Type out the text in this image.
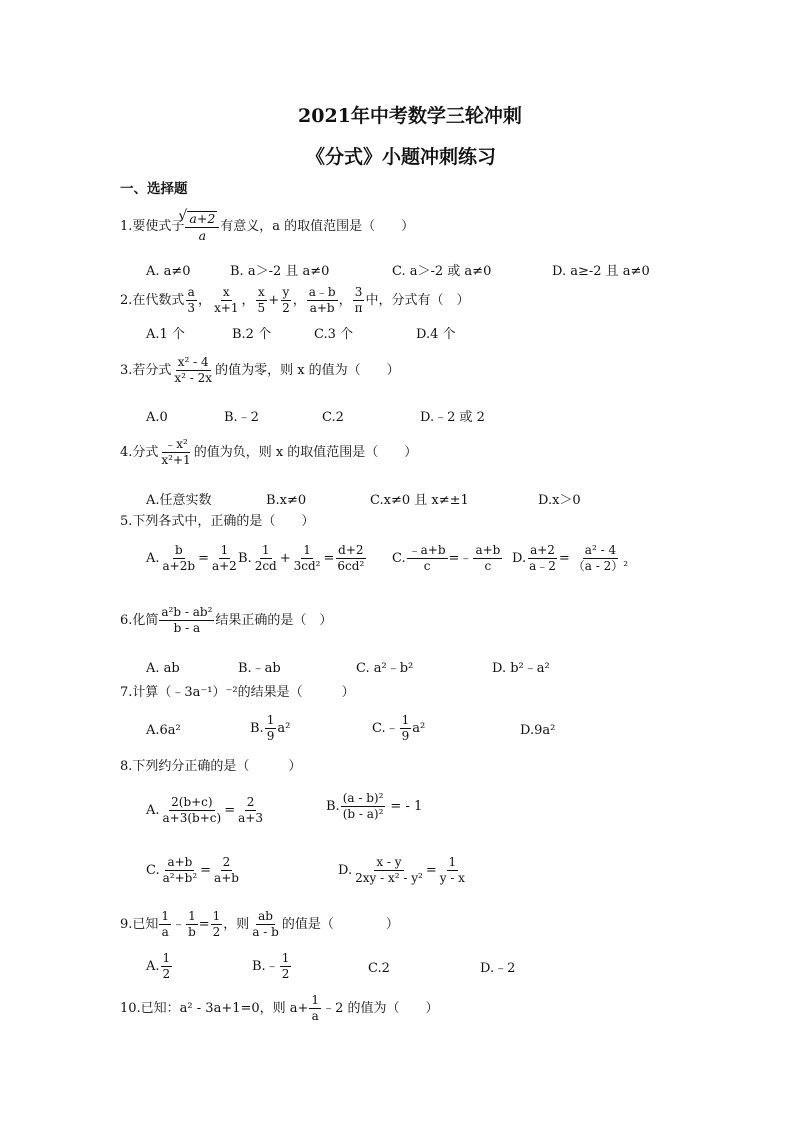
2021年中考数学三轮冲刺
《分式》小题冲刺练习
一、选择题
1.要使式子
√ $\frac{a+2}{a}$ 有意义，a 的取值范围是（　　）
A. a≠0	B. a＞-2 且 a≠0	C. a＞-2 或 a≠0	D. a≥-2 且 a≠0
2.在代数式 $\frac{a}{3}$ ， $\frac{x}{x+1}$ ， $\frac{x}{5} + \frac{y}{2}$ ， $\frac{a﹣b}{a+b}$ ， $\frac{3}{\pi}$ 中，分式有（　）
A.1 个	B.2 个	C.3 个	D.4 个
3.若分式 $\frac{\text{x² - 4}}{\text{x² - 2x}}$ 的值为零，则 x 的值为（　　）
A.0	B.﹣2	C.2	D.﹣2 或 2
4.分式 $\frac{\text{﹣x²}}{\text{x²+1}}$ 的值为负，则 x 的取值范围是（　　）
A.任意实数	B.x≠0	C.x≠0 且 x≠±1	D.x＞0
5.下列各式中，正确的是（　　）
A. $\frac{b}{a+2b} = \frac{1}{a+2} B$. $\frac{1}{2cd} + \frac{1}{\text{3cd²}} = \frac{d+2}{\text{6cd²}} C$. $\frac{﹣a+b}{c}$ =﹣ $\frac{a+b}{c} D$. $\frac{a+2}{a﹣2} = \frac{\text{a² - 4}}{\text{（a - 2）²}}$
6.化简 $\frac{\text{a²b - ab²}}{b - a}$ 结果正确的是（　）
A. ab	B.﹣ab	C. a²﹣b²	D. b²﹣a²
7.计算（﹣3a⁻¹）⁻²的结果是（　　　）
A.6a²	B. $\frac{1}{9} a^2$	C.﹣ $\frac{1}{9} a^2$	D.9a²
8.下列约分正确的是（　　　）
A. $\frac{2(b+c)}{a+3(b+c)} = \frac{2}{a+3}$	B. $\frac{\text{(a - b)²}}{\text{(b - a)²}}$ = - 1
C. $\frac{a+b}{\text{a²+b²}} = \frac{2}{a+b}$	D. $\frac{x - y}{\text{2xy - x² - y²}} = \frac{1}{y - x}$
9.已知 $\frac{1}{a}$ ﹣ $\frac{1}{b} = \frac{1}{2}$ ，则 $\frac{ab}{a - b}$ 的值是（　　　　）
A. $\frac{1}{2}$	B.﹣ $\frac{1}{2}$	C.2	D.﹣2
10.已知：a² - 3a+1=0，则 $a+ \frac{1}{a}$ ﹣2 的值为（　　）
